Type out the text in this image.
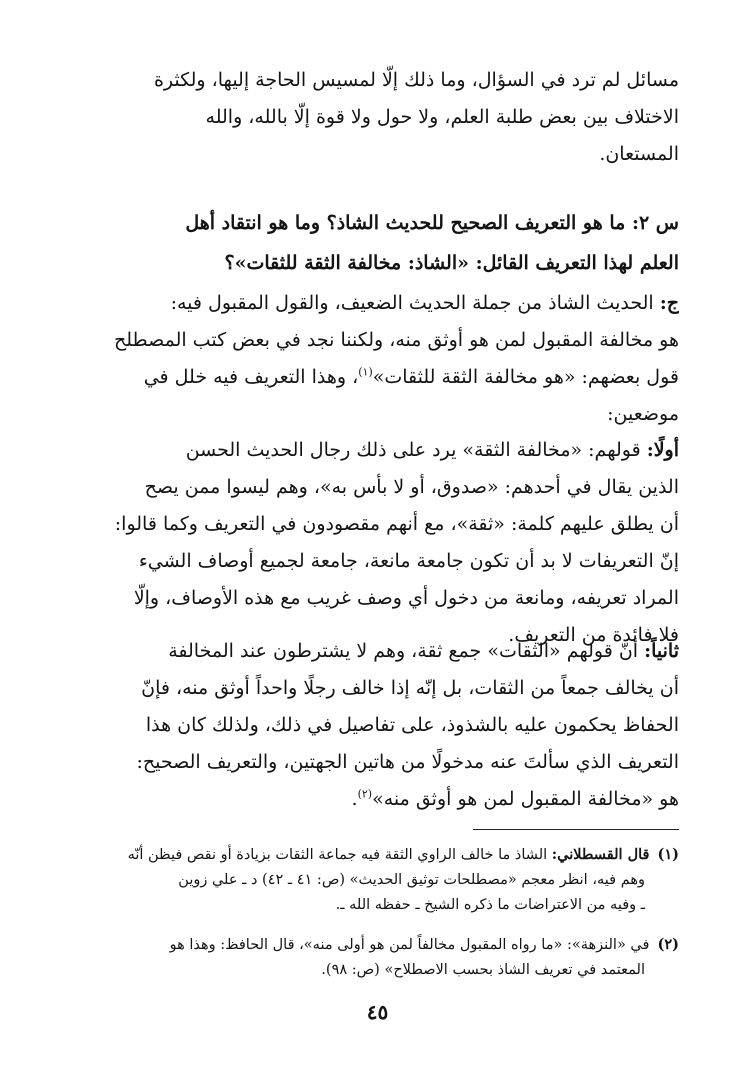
مسائل لم ترد في السؤال، وما ذلك إلّا لمسيس الحاجة إليها، ولكثرة
الاختلاف بين بعض طلبة العلم، ولا حول ولا قوة إلّا بالله، والله
المستعان.
س ٢: ما هو التعريف الصحيح للحديث الشاذ؟ وما هو انتقاد أهل
العلم لهذا التعريف القائل: «الشاذ: مخالفة الثقة للثقات»؟
ج: الحديث الشاذ من جملة الحديث الضعيف، والقول المقبول فيه:
هو مخالفة المقبول لمن هو أوثق منه، ولكننا نجد في بعض كتب المصطلح
قول بعضهم: «هو مخالفة الثقة للثقات»$^{(١)}$، وهذا التعريف فيه خلل في
موضعين:
أولًا: قولهم: «مخالفة الثقة» يرد على ذلك رجال الحديث الحسن
الذين يقال في أحدهم: «صدوق، أو لا بأس به»، وهم ليسوا ممن يصح
أن يطلق عليهم كلمة: «ثقة»، مع أنهم مقصودون في التعريف وكما قالوا:
إنّ التعريفات لا بد أن تكون جامعة مانعة، جامعة لجميع أوصاف الشيء
المراد تعريفه، ومانعة من دخول أي وصف غريب مع هذه الأوصاف، وإلّا
فلا فائدة من التعريف.
ثانياً: أنّ قولهم «الثقات» جمع ثقة، وهم لا يشترطون عند المخالفة
أن يخالف جمعاً من الثقات، بل إنّه إذا خالف رجلًا واحداً أوثق منه، فإنّ
الحفاظ يحكمون عليه بالشذوذ، على تفاصيل في ذلك، ولذلك كان هذا
التعريف الذي سألتَ عنه مدخولًا من هاتين الجهتين، والتعريف الصحيح:
هو «مخالفة المقبول لمن هو أوثق منه»$^{(٢)}$.
(١)قال القسطلاني: الشاذ ما خالف الراوي الثقة فيه جماعة الثقات بزيادة أو نقص فيظن أنّه
وهم فيه، انظر معجم «مصطلحات توثيق الحديث» (ص: ٤١ ـ ٤٢) د ـ علي زوين
ـ وفيه من الاعتراضات ما ذكره الشيخ ـ حفظه الله ـ.
(٢)في «النزهة»: «ما رواه المقبول مخالفاً لمن هو أولى منه»، قال الحافظ: وهذا هو
المعتمد في تعريف الشاذ بحسب الاصطلاح» (ص: ٩٨).
٤٥
